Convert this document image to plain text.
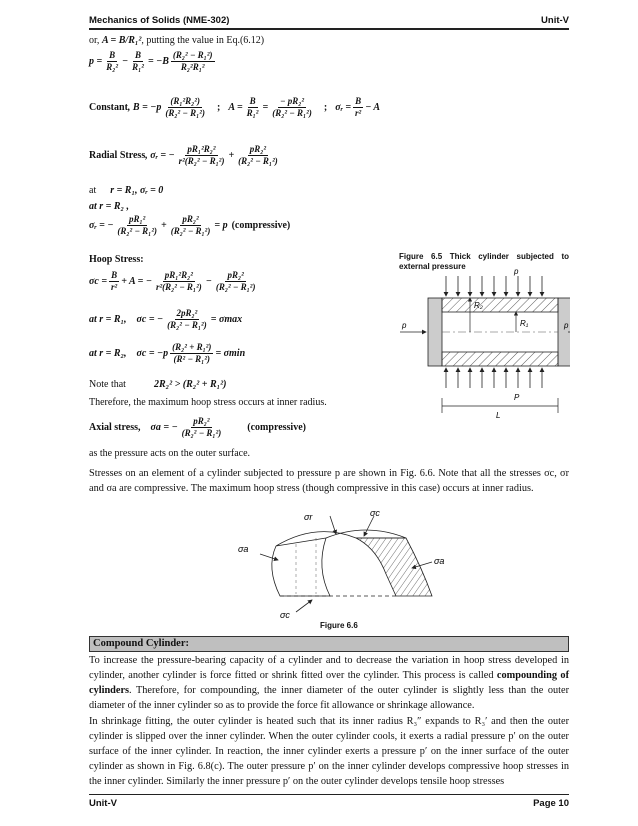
Mechanics of Solids (NME-302)	Unit-V
or, A = B/R₁², putting the value in Eq.(6.12)
$p = \frac{B}{\text{R₂²}} - \frac{B}{\text{R₁²}} = -B \frac{\text{(R₂² − R₁²)}}{\text{R₂²R₁²}}$
Constant , $B = -p \frac{\text{(R₁²R₂²)}}{\text{(R₂² − R₁²)}}$ ; $A = \frac{B}{\text{R₁²}} = \frac{\text{− pR₂²}}{\text{(R₂² − R₁²)}}$ ; σᵣ = $\frac{B}{\text{r²}} - A$
Radial Stress , σᵣ = − $\frac{\text{pR₁²R₂²}}{\text{r²(R₂² − R₁²)}} + \frac{\text{pR₂²}}{\text{(R₂² − R₁²)}}$
at r = R₁, σᵣ = 0
at r = R₂ ,
σᵣ = − $\frac{\text{pR₁²}}{\text{(R₂² − R₁²)}} + \frac{\text{pR₂²}}{\text{(R₂² − R₁²)}} = p$ (compressive)
Hoop Stress:
$\sigma c = \frac{B}{\text{r²}} + A$ = − $\frac{\text{pR₁²R₂²}}{\text{r²(R₂² − R₁²)}} - \frac{\text{pR₂²}}{\text{(R₂² − R₁²)}}$
at r = R₁, σc = − $\frac{\text{2pR₂²}}{\text{(R₂² − R₁²)}} = \sigma\max$
at r = R₂, $\sigma c = -p \frac{\text{(R₂² + R₁²)}}{\text{(R² − R₁²)}} = \sigma\min$
Note that	2R₂² > (R₂² + R₁²)
Therefore, the maximum hoop stress occurs at inner radius.
Axial stress, σa = − $\frac{\text{pR₂²}}{\text{(R₂² − R₁²)}}$ (compressive)
as the pressure acts on the outer surface.
Stresses on an element of a cylinder subjected to pressure p are shown in Fig. 6.6. Note that all the stresses σc, σr and σa are compressive. The maximum hoop stress (though compressive in this case) occurs at inner radius.
Figure 6.5 Thick cylinder subjected to external pressure
p
p	p
P
R₂
R₁
L
σr	σc
σa
σa
σc
Figure 6.6
Compound Cylinder:
To increase the pressure-bearing capacity of a cylinder and to decrease the variation in hoop stress developed in cylinder, another cylinder is force fitted or shrink fitted over the cylinder. This process is called compounding of cylinders. Therefore, for compounding, the inner diameter of the outer cylinder is slightly less than the outer diameter of the inner cylinder so as to provide the force fit allowance or shrinkage allowance.
In shrinkage fitting, the outer cylinder is heated such that its inner radius R₃″ expands to R₃′ and then the outer cylinder is slipped over the inner cylinder. When the outer cylinder cools, it exerts a radial pressure p′ on the outer surface of the inner cylinder. In reaction, the inner cylinder exerts a pressure p′ on the inner surface of the outer cylinder as shown in Fig. 6.8(c). The outer pressure p′ on the inner cylinder develops compressive hoop stresses in the inner cylinder. Similarly the inner pressure p′ on the outer cylinder develops tensile hoop stresses
Unit-V	Page 10
